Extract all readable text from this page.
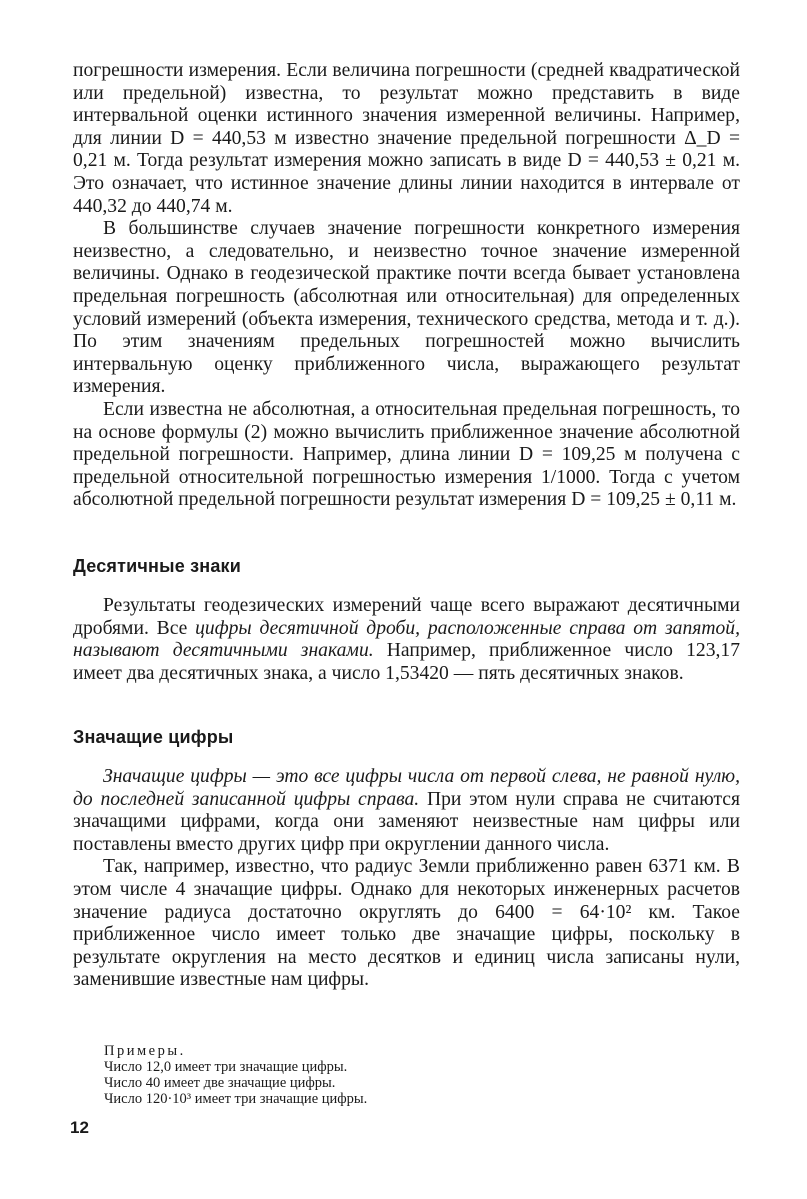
погрешности измерения. Если величина погрешности (средней квадратической или предельной) известна, то результат можно представить в виде интервальной оценки истинного значения измеренной величины. Например, для линии D = 440,53 м известно значение предельной погрешности Δ_D = 0,21 м. Тогда результат измерения можно записать в виде D = 440,53 ± 0,21 м. Это означает, что истинное значение длины линии находится в интервале от 440,32 до 440,74 м.

В большинстве случаев значение погрешности конкретного измерения неизвестно, а следовательно, и неизвестно точное значение измеренной величины. Однако в геодезической практике почти всегда бывает установлена предельная погрешность (абсолютная или относительная) для определенных условий измерений (объекта измерения, технического средства, метода и т. д.). По этим значениям предельных погрешностей можно вычислить интервальную оценку приближенного числа, выражающего результат измерения.

Если известна не абсолютная, а относительная предельная погрешность, то на основе формулы (2) можно вычислить приближенное значение абсолютной предельной погрешности. Например, длина линии D = 109,25 м получена с предельной относительной погрешностью измерения 1/1000. Тогда с учетом абсолютной предельной погрешности результат измерения D = 109,25 ± 0,11 м.

Десятичные знаки

Результаты геодезических измерений чаще всего выражают десятичными дробями. Все цифры десятичной дроби, расположенные справа от запятой, называют десятичными знаками. Например, приближенное число 123,17 имеет два десятичных знака, а число 1,53420 — пять десятичных знаков.

Значащие цифры

Значащие цифры — это все цифры числа от первой слева, не равной нулю, до последней записанной цифры справа. При этом нули справа не считаются значащими цифрами, когда они заменяют неизвестные нам цифры или поставлены вместо других цифр при округлении данного числа.

Так, например, известно, что радиус Земли приближенно равен 6371 км. В этом числе 4 значащие цифры. Однако для некоторых инженерных расчетов значение радиуса достаточно округлять до 6400 = 64·10² км. Такое приближенное число имеет только две значащие цифры, поскольку в результате округления на место десятков и единиц числа записаны нули, заменившие известные нам цифры.

Примеры.
Число 12,0 имеет три значащие цифры.
Число 40 имеет две значащие цифры.
Число 120·10³ имеет три значащие цифры.
12
